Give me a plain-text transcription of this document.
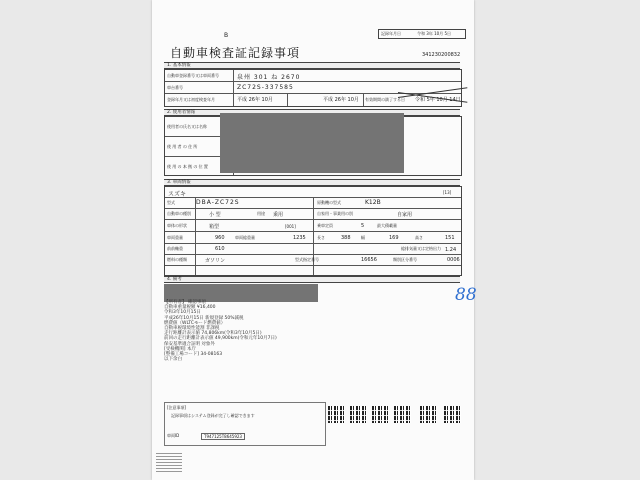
B
自動車検査証記録事項
記録年月日	令和 3年 10月 5日
341230200832
1. 基本情報
自動車登録番号又は車両番号	泉州 301 ね 2670
車台番号	ZC72S-337585
登録年月又は初度検査年月	平成 26年 10月	平成 26年 10月 有効期間の満了する日 令和 5年 10月 14日
2. 使用者情報
使用者の氏名又は名称
使 用 者 の 住 所
使 用 の 本 拠 の 位 置
3. 車両情報
スズキ	[13]
型式	DBA-ZC72S	原動機の型式	K12B
自動車の種別	小 型	用途 乗用	自家用・事業用の別	自家用
車体の形状	箱型	[001]	乗車定員	5	最大積載量
車両重量	960	車両総重量	1235	長さ	388	幅	169	高さ	151
前前軸重	610	総排気量又は定格出力 1.24
燃料の種類	ガソリン	型式指定番号	16656	類別区分番号	0006
4. 備考
【所有者】 確認事項
自動車重量税額 ¥16,400
令和3年10月15日
平成26年10月15日 新規登録 50%減税
燃費値（WLTCモード燃費値）
自動車税環境性能割 非課税
走行距離計表示値 74,806km(令和3年10月5日)
前回の走行距離計表示値 49,900km(令和元年10月7日)
保安基準適合証明 対象外
[受検機関] 本庁
[整備工場コード] 34-08163
以下余白
[注意事項]
記録事項はシステム登録が完了し確認できます
車両ID	T947125T8645923
88
